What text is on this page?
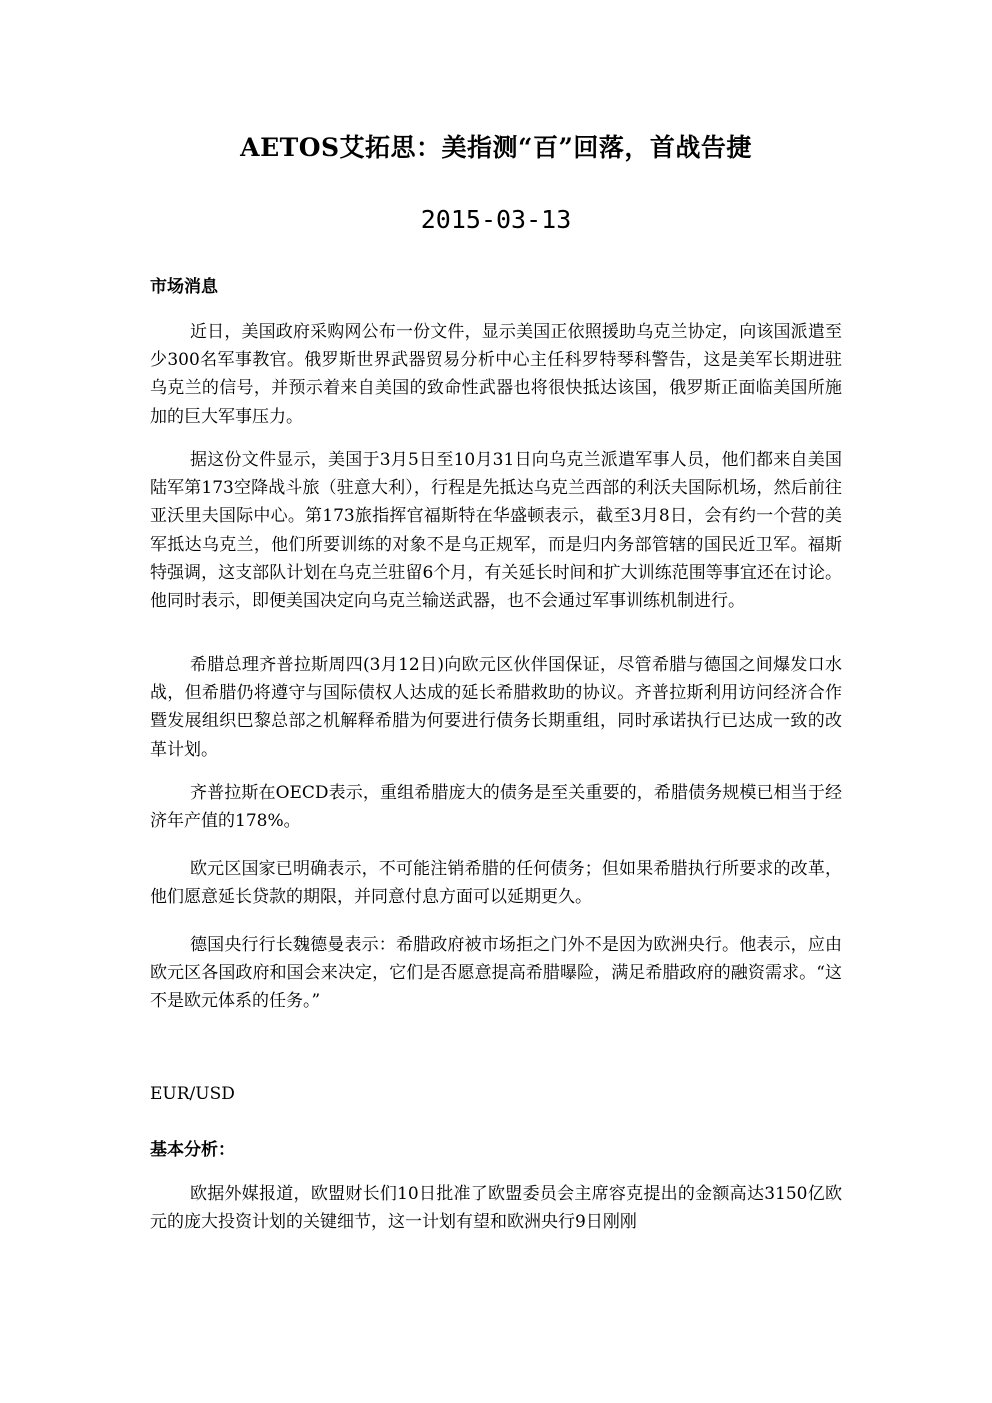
AETOS艾拓思：美指测“百”回落，首战告捷
2015-03-13
市场消息

近日，美国政府采购网公布一份文件，显示美国正依照援助乌克兰协定，向该国派遣至少300名军事教官。俄罗斯世界武器贸易分析中心主任科罗特琴科警告，这是美军长期进驻乌克兰的信号，并预示着来自美国的致命性武器也将很快抵达该国，俄罗斯正面临美国所施加的巨大军事压力。

据这份文件显示，美国于3月5日至10月31日向乌克兰派遣军事人员，他们都来自美国陆军第173空降战斗旅（驻意大利），行程是先抵达乌克兰西部的利沃夫国际机场，然后前往亚沃里夫国际中心。第173旅指挥官福斯特在华盛顿表示，截至3月8日，会有约一个营的美军抵达乌克兰，他们所要训练的对象不是乌正规军，而是归内务部管辖的国民近卫军。福斯特强调，这支部队计划在乌克兰驻留6个月，有关延长时间和扩大训练范围等事宜还在讨论。他同时表示，即便美国决定向乌克兰输送武器，也不会通过军事训练机制进行。

希腊总理齐普拉斯周四(3月12日)向欧元区伙伴国保证，尽管希腊与德国之间爆发口水战，但希腊仍将遵守与国际债权人达成的延长希腊救助的协议。齐普拉斯利用访问经济合作暨发展组织巴黎总部之机解释希腊为何要进行债务长期重组，同时承诺执行已达成一致的改革计划。

齐普拉斯在OECD表示，重组希腊庞大的债务是至关重要的，希腊债务规模已相当于经济年产值的178%。

欧元区国家已明确表示，不可能注销希腊的任何债务；但如果希腊执行所要求的改革，他们愿意延长贷款的期限，并同意付息方面可以延期更久。

德国央行行长魏德曼表示：希腊政府被市场拒之门外不是因为欧洲央行。他表示，应由欧元区各国政府和国会来决定，它们是否愿意提高希腊曝险，满足希腊政府的融资需求。“这不是欧元体系的任务。”

EUR/USD
基本分析：

欧据外媒报道，欧盟财长们10日批准了欧盟委员会主席容克提出的金额高达3150亿欧元的庞大投资计划的关键细节，这一计划有望和欧洲央行9日刚刚
